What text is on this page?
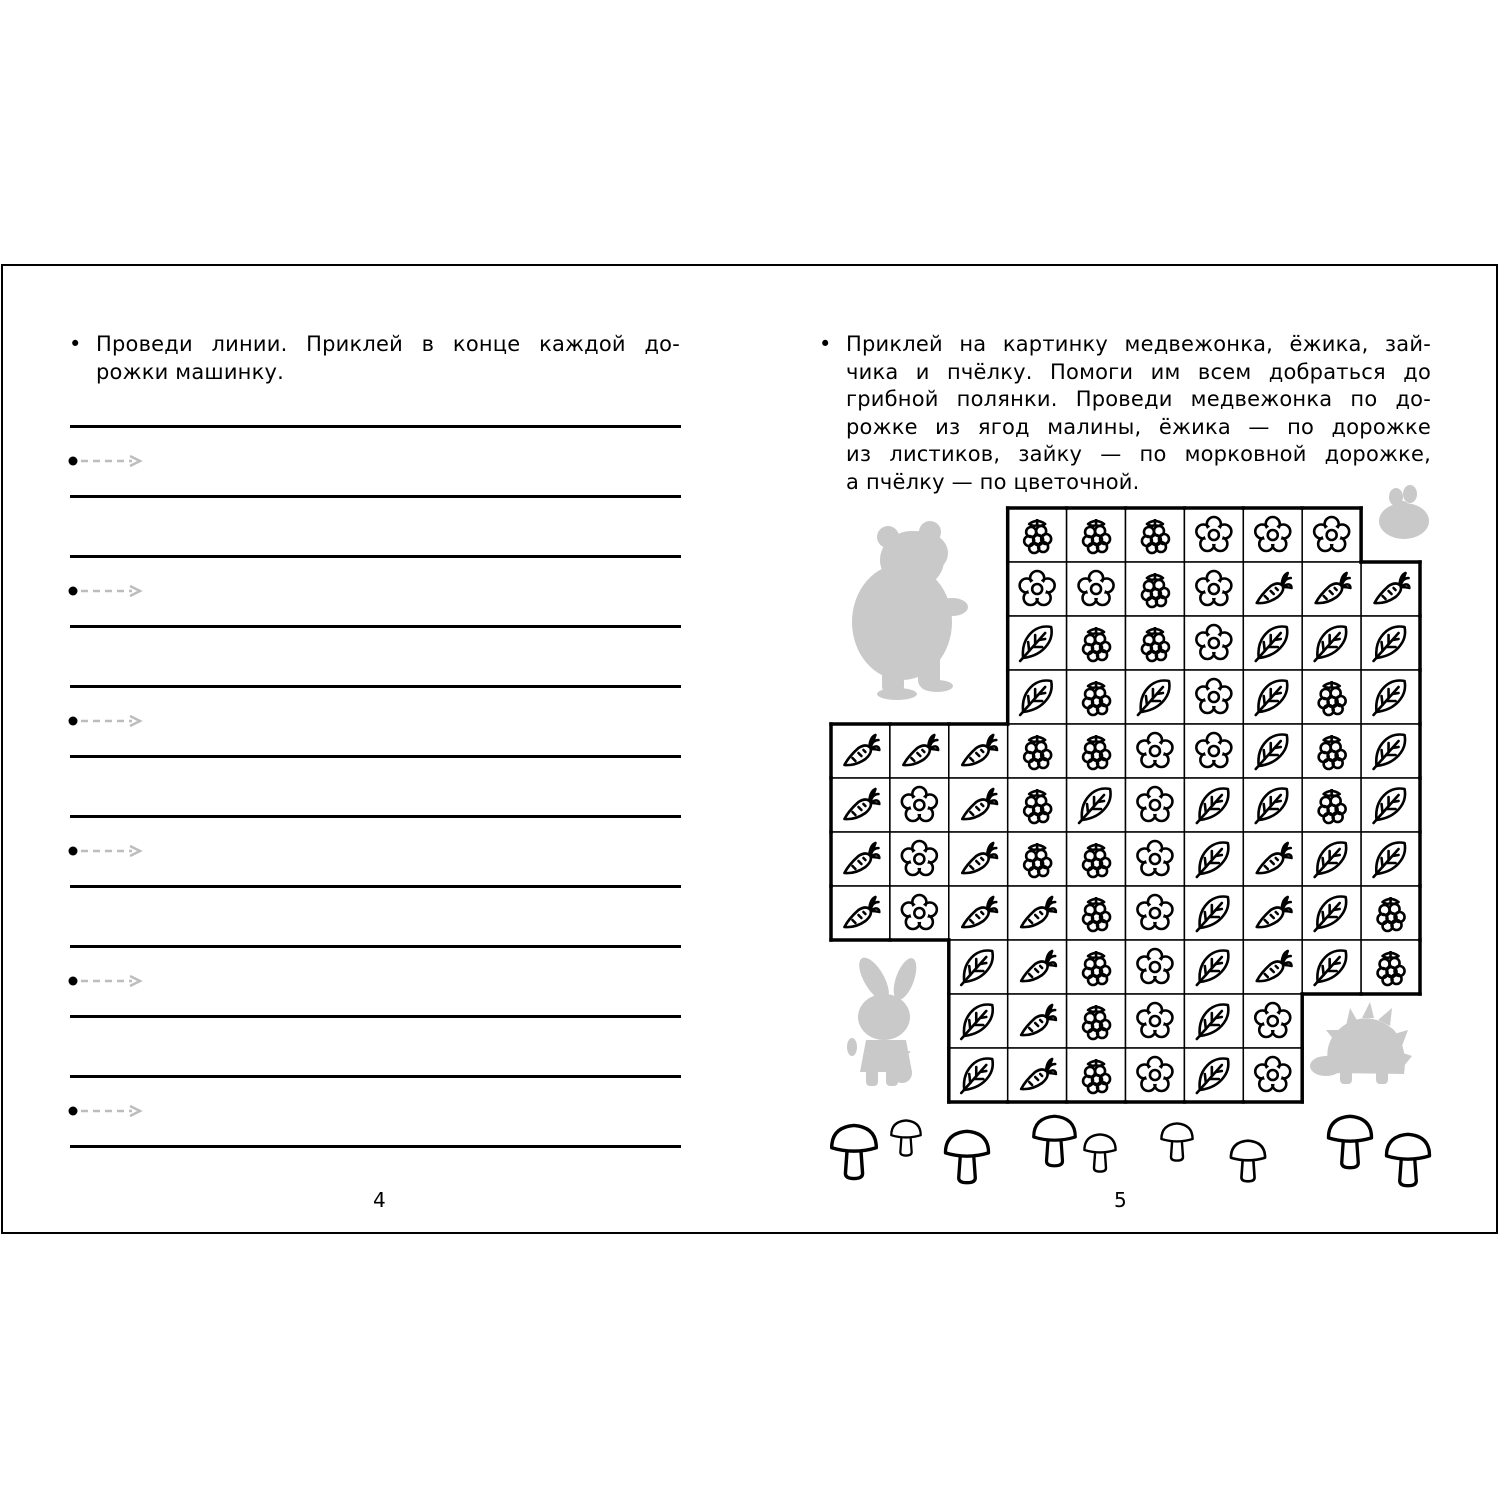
• Проведи линии. Приклей в конце каждой до-
рожки машинку.
4
• Приклей на картинку медвежонка, ёжика, зай-
чика и пчёлку. Помоги им всем добраться до
грибной полянки. Проведи медвежонка по до-
рожке из ягод малины, ёжика — по дорожке
из листиков, зайку — по морковной дорожке,
а пчёлку — по цветочной.
5
